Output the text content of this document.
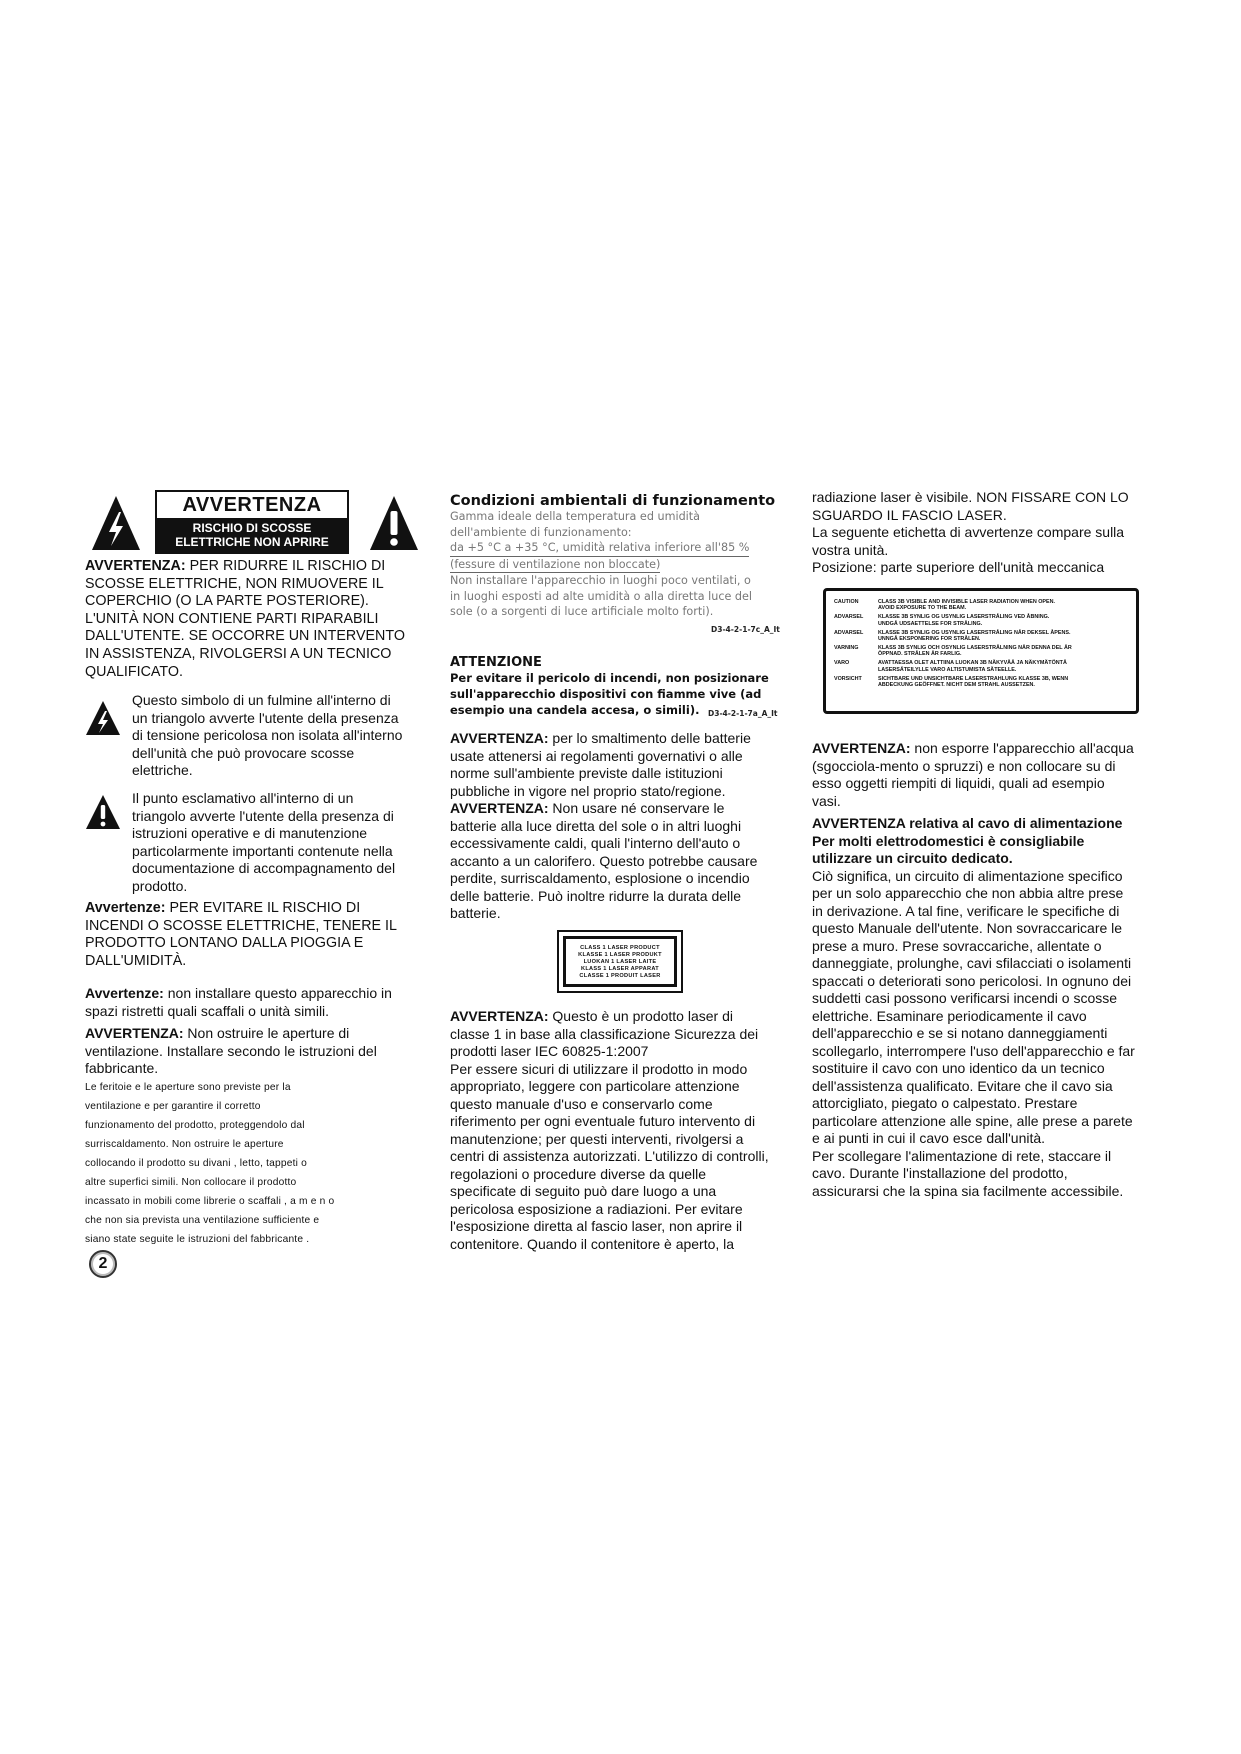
AVVERTENZA
RISCHIO DI SCOSSE
ELETTRICHE NON APRIRE

AVVERTENZA: PER RIDURRE IL RISCHIO DI

SCOSSE ELETTRICHE, NON RIMUOVERE IL

COPERCHIO (O LA PARTE POSTERIORE).

L'UNITÀ NON CONTIENE PARTI RIPARABILI

DALL'UTENTE. SE OCCORRE UN INTERVENTO

IN ASSISTENZA, RIVOLGERSI A UN TECNICO

QUALIFICATO.

Questo simbolo di un fulmine all'interno di

un triangolo avverte l'utente della presenza

di tensione pericolosa non isolata all'interno

dell'unità che può provocare scosse

elettriche.

Il punto esclamativo all'interno di un

triangolo avverte l'utente della presenza di

istruzioni operative e di manutenzione

particolarmente importanti contenute nella

documentazione di accompagnamento del

prodotto.

Avvertenze: PER EVITARE IL RISCHIO DI

INCENDI O SCOSSE ELETTRICHE, TENERE IL

PRODOTTO LONTANO DALLA PIOGGIA E

DALL'UMIDITÀ.

Avvertenze: non installare questo apparecchio in

spazi ristretti quali scaffali o unità simili.

AVVERTENZA: Non ostruire le aperture di

ventilazione. Installare secondo le istruzioni del

fabbricante.

Le feritoie e le aperture sono previste per la

ventilazione e per garantire il corretto

funzionamento del prodotto, proteggendolo dal

surriscaldamento. Non ostruire le aperture

collocando il prodotto su divani , letto, tappeti o

altre superfici simili. Non collocare il prodotto

incassato in mobili come librerie o scaffali , a m e n o

che non sia prevista una ventilazione sufficiente e

siano state seguite le istruzioni del fabbricante .

2

Condizioni ambientali di funzionamento

Gamma ideale della temperatura ed umidità

dell'ambiente di funzionamento:

da +5 °C a +35 °C, umidità relativa inferiore all'85 %

(fessure di ventilazione non bloccate)

Non installare l'apparecchio in luoghi poco ventilati, o

in luoghi esposti ad alte umidità o alla diretta luce del

sole (o a sorgenti di luce artificiale molto forti).

D3-4-2-1-7c_A_It

ATTENZIONE

Per evitare il pericolo di incendi, non posizionare

sull'apparecchio dispositivi con fiamme vive (ad

esempio una candela accesa, o simili).	D3-4-2-1-7a_A_It

AVVERTENZA: per lo smaltimento delle batterie

usate attenersi ai regolamenti governativi o alle

norme sull'ambiente previste dalle istituzioni

pubbliche in vigore nel proprio stato/regione.

AVVERTENZA: Non usare né conservare le

batterie alla luce diretta del sole o in altri luoghi

eccessivamente caldi, quali l'interno dell'auto o

accanto a un calorifero. Questo potrebbe causare

perdite, surriscaldamento, esplosione o incendio

delle batterie. Può inoltre ridurre la durata delle

batterie.

CLASS 1 LASER PRODUCT
KLASSE 1 LASER PRODUKT
LUOKAN 1 LASER LAITE
KLASS 1 LASER APPARAT
CLASSE 1 PRODUIT LASER

AVVERTENZA: Questo è un prodotto laser di

classe 1 in base alla classificazione Sicurezza dei

prodotti laser IEC 60825-1:2007

Per essere sicuri di utilizzare il prodotto in modo

appropriato, leggere con particolare attenzione

questo manuale d'uso e conservarlo come

riferimento per ogni eventuale futuro intervento di

manutenzione; per questi interventi, rivolgersi a

centri di assistenza autorizzati. L'utilizzo di controlli,

regolazioni o procedure diverse da quelle

specificate di seguito può dare luogo a una

pericolosa esposizione a radiazioni. Per evitare

l'esposizione diretta al fascio laser, non aprire il

contenitore. Quando il contenitore è aperto, la

radiazione laser è visibile. NON FISSARE CON LO

SGUARDO IL FASCIO LASER.

La seguente etichetta di avvertenze compare sulla

vostra unità.

Posizione: parte superiore dell'unità meccanica

CAUTION	CLASS 3B VISIBLE AND INVISIBLE LASER RADIATION WHEN OPEN.
AVOID EXPOSURE TO THE BEAM.

ADVARSEL	KLASSE 3B SYNLIG OG USYNLIG LASERSTRÅLING VED ÅBNING.
UNDGÅ UDSAETTELSE FOR STRÅLING.

ADVARSEL	KLASSE 3B SYNLIG OG USYNLIG LASERSTRÅLING NÅR DEKSEL ÅPENS.
UNNGÅ EKSPONERING FOR STRÅLEN.

VARNING	KLASS 3B SYNLIG OCH OSYNLIG LASERSTRÅLNING NÄR DENNA DEL ÄR
ÖPPNAD. STRÅLEN ÄR FARLIG.

VARO	AVATTAESSA OLET ALTTIINA LUOKAN 3B NÄKYVÄÄ JA NÄKYMÄTÖNTÄ
LASERSÄTEILYLLE VARO ALTISTUMISTA SÄTEELLE.

VORSICHT	SICHTBARE UND UNSICHTBARE LASERSTRAHLUNG KLASSE 3B, WENN
ABDECKUNG GEÖFFNET. NICHT DEM STRAHL AUSSETZEN.

AVVERTENZA: non esporre l'apparecchio all'acqua

(sgocciola-mento o spruzzi) e non collocare su di

esso oggetti riempiti di liquidi, quali ad esempio

vasi.

AVVERTENZA relativa al cavo di alimentazione

Per molti elettrodomestici è consigliabile

utilizzare un circuito dedicato.

Ciò significa, un circuito di alimentazione specifico

per un solo apparecchio che non abbia altre prese

in derivazione. A tal fine, verificare le specifiche di

questo Manuale dell'utente. Non sovraccaricare le

prese a muro. Prese sovraccariche, allentate o

danneggiate, prolunghe, cavi sfilacciati o isolamenti

spaccati o deteriorati sono pericolosi. In ognuno dei

suddetti casi possono verificarsi incendi o scosse

elettriche. Esaminare periodicamente il cavo

dell'apparecchio e se si notano danneggiamenti

scollegarlo, interrompere l'uso dell'apparecchio e far

sostituire il cavo con uno identico da un tecnico

dell'assistenza qualificato. Evitare che il cavo sia

attorcigliato, piegato o calpestato. Prestare

particolare attenzione alle spine, alle prese a parete

e ai punti in cui il cavo esce dall'unità.

Per scollegare l'alimentazione di rete, staccare il

cavo. Durante l'installazione del prodotto,

assicurarsi che la spina sia facilmente accessibile.
